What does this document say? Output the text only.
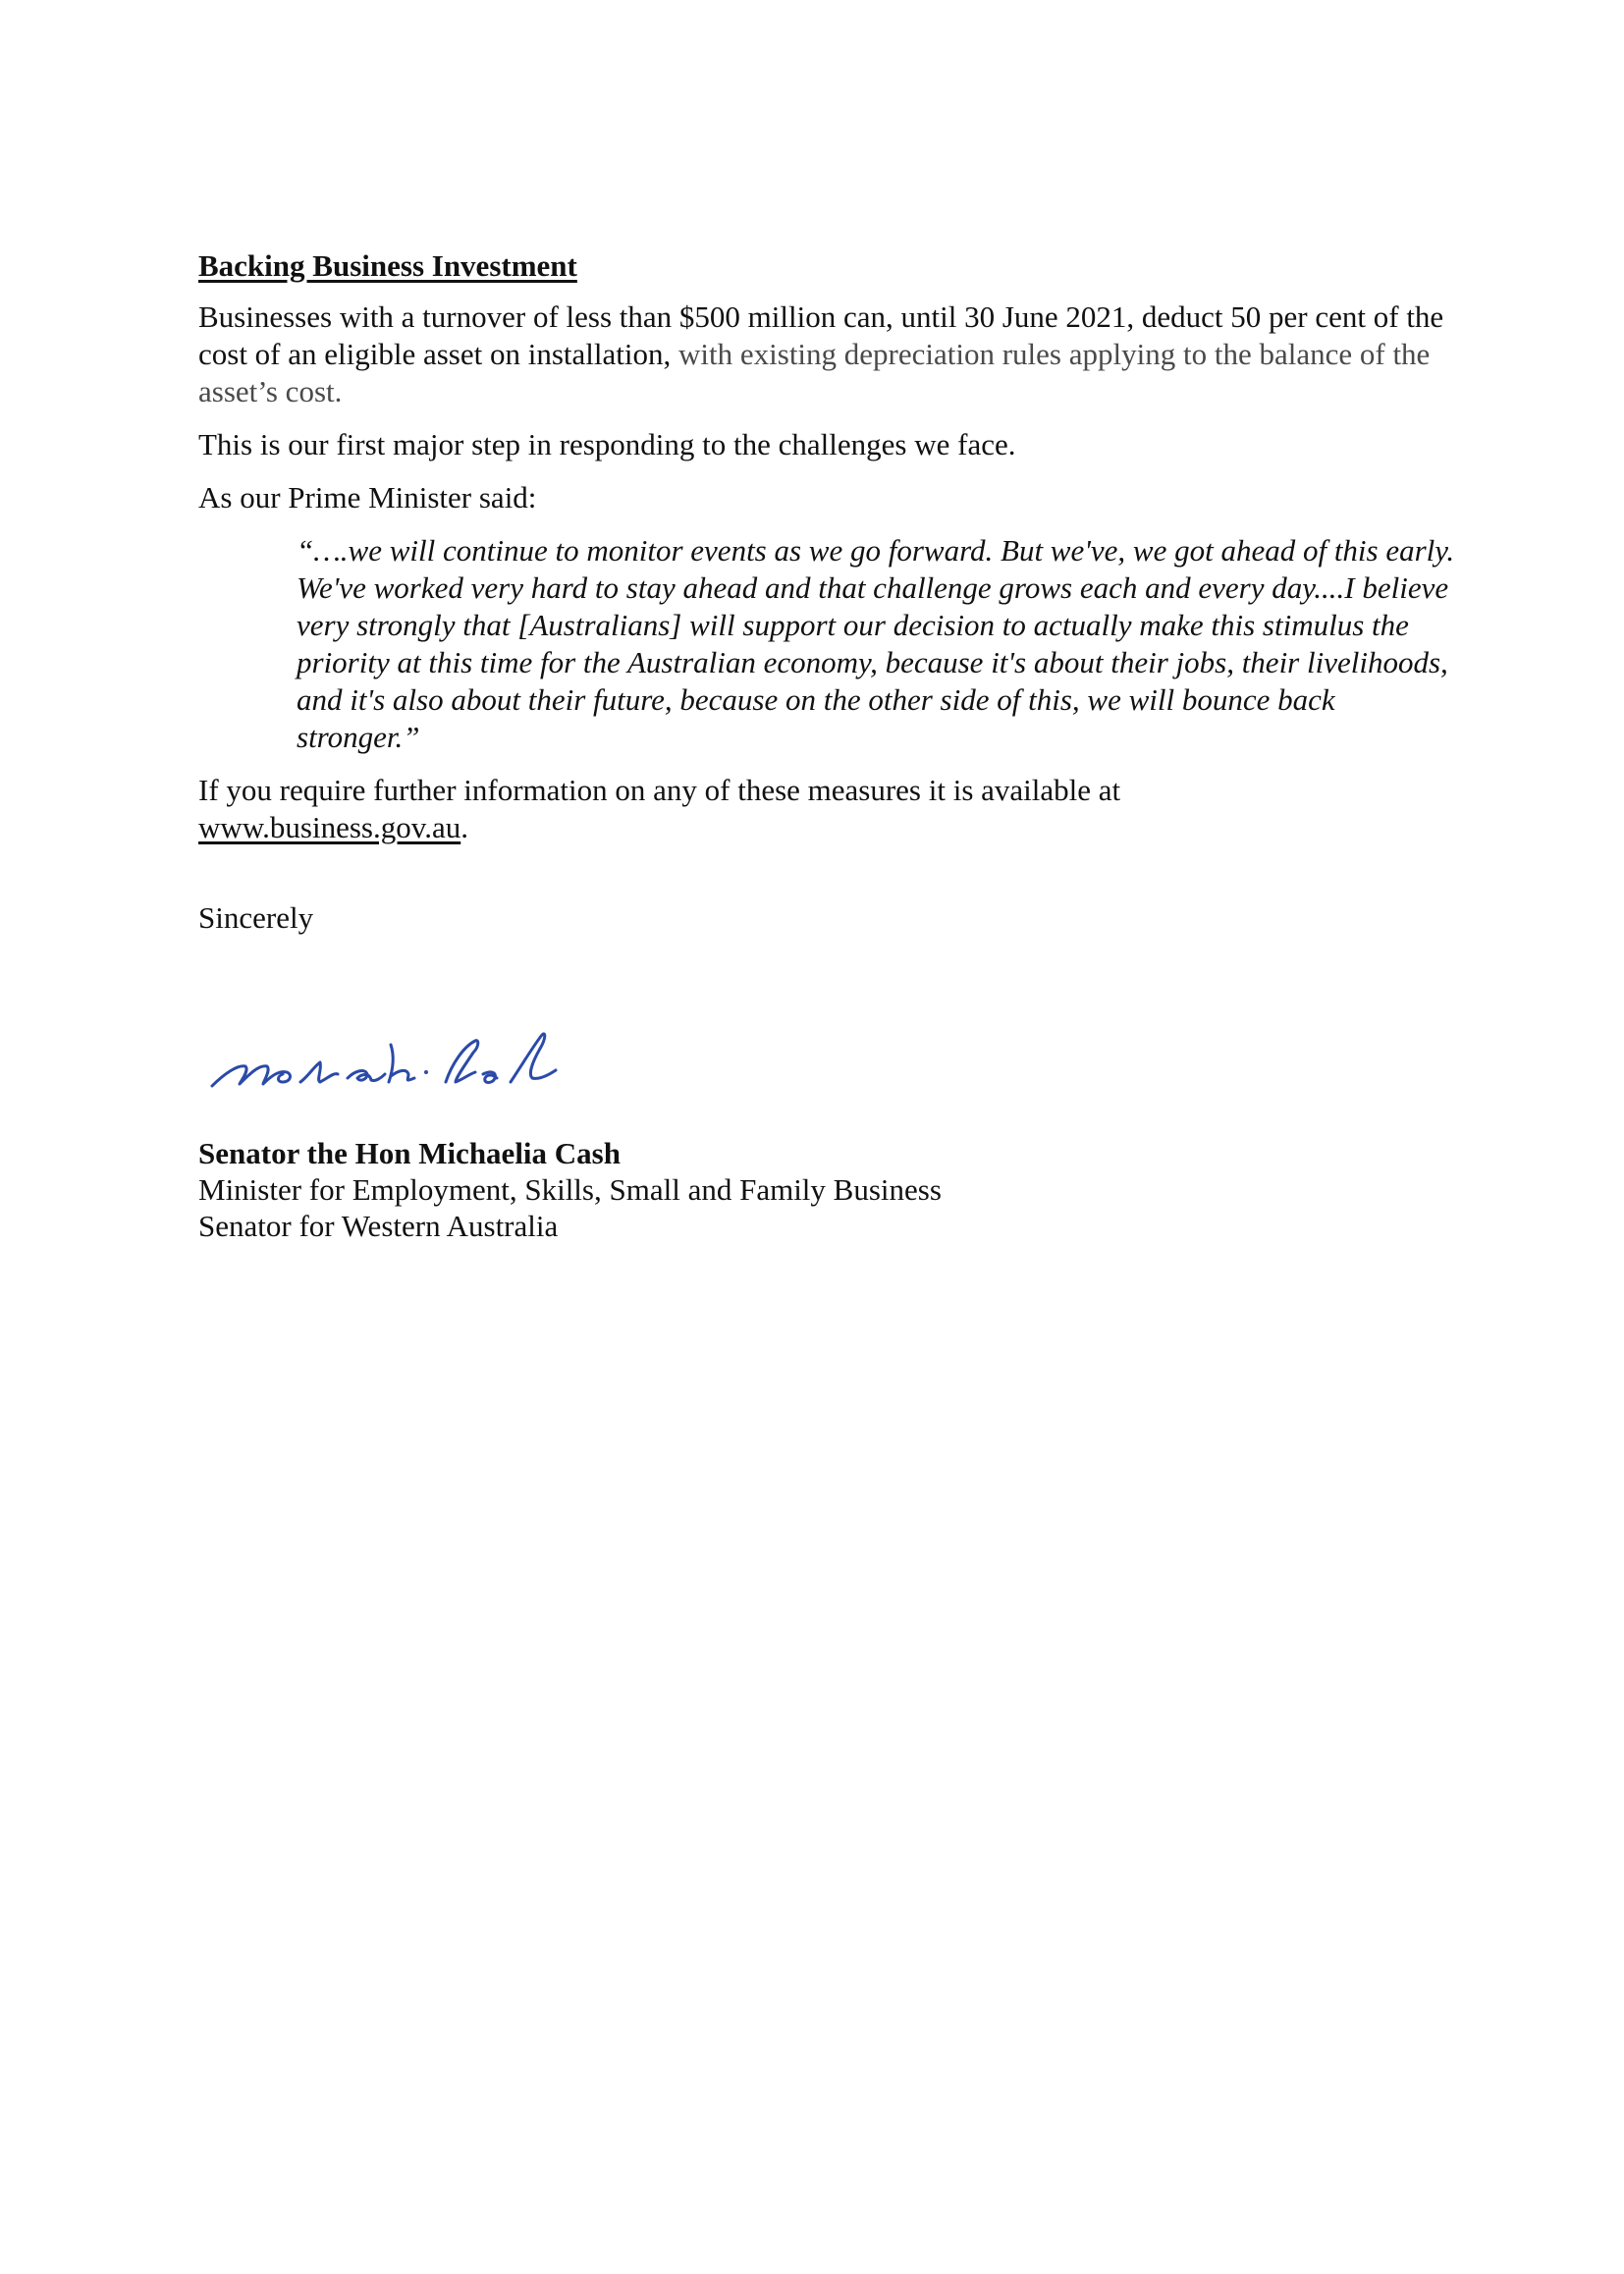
Backing Business Investment

Businesses with a turnover of less than $500 million can, until 30 June 2021, deduct 50 per cent of the cost of an eligible asset on installation, with existing depreciation rules applying to the balance of the asset’s cost.

This is our first major step in responding to the challenges we face.

As our Prime Minister said:

“….we will continue to monitor events as we go forward. But we've, we got ahead of this early. We've worked very hard to stay ahead and that challenge grows each and every day....I believe very strongly that [Australians] will support our decision to actually make this stimulus the priority at this time for the Australian economy, because it's about their jobs, their livelihoods, and it's also about their future, because on the other side of this, we will bounce back stronger.”

If you require further information on any of these measures it is available at
www.business.gov.au.

Sincerely
Senator the Hon Michaelia Cash
Minister for Employment, Skills, Small and Family Business
Senator for Western Australia
